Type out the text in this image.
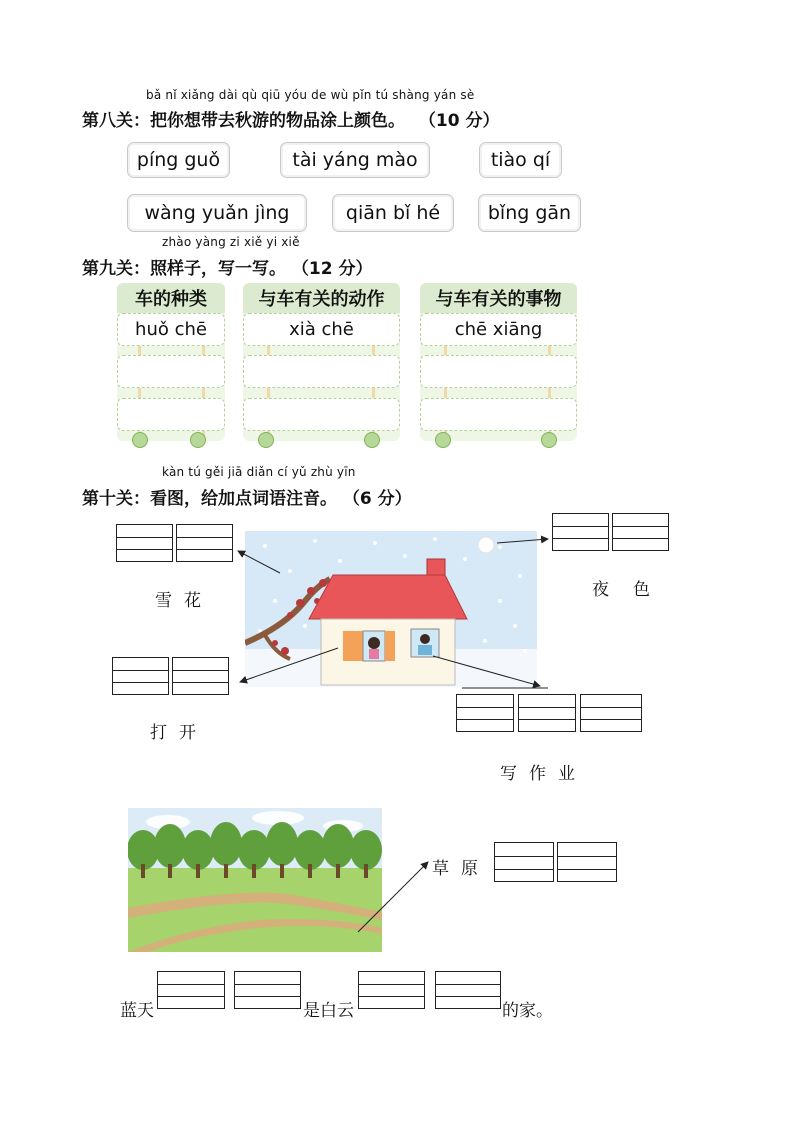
bǎ nǐ xiǎng dài qù qiū yóu de wù pǐn tú shàng yán sè
第八关：把你想带去秋游的物品涂上颜色。 （10 分）
píng guǒ	tài yáng mào	tiào qí
wàng yuǎn jìng	qiān bǐ hé	bǐng gān
zhào yàng zi xiě yi xiě
第九关：照样子，写一写。 （12 分）
车的种类
huǒ chē
与车有关的动作
xià chē
与车有关的事物
chē xiāng
kàn tú gěi jiā diǎn cí yǔ zhù yīn
第十关：看图，给加点词语注音。 （6 分）
雪花
夜色
打开
写作业
草原
蓝天	是白云	的家。
